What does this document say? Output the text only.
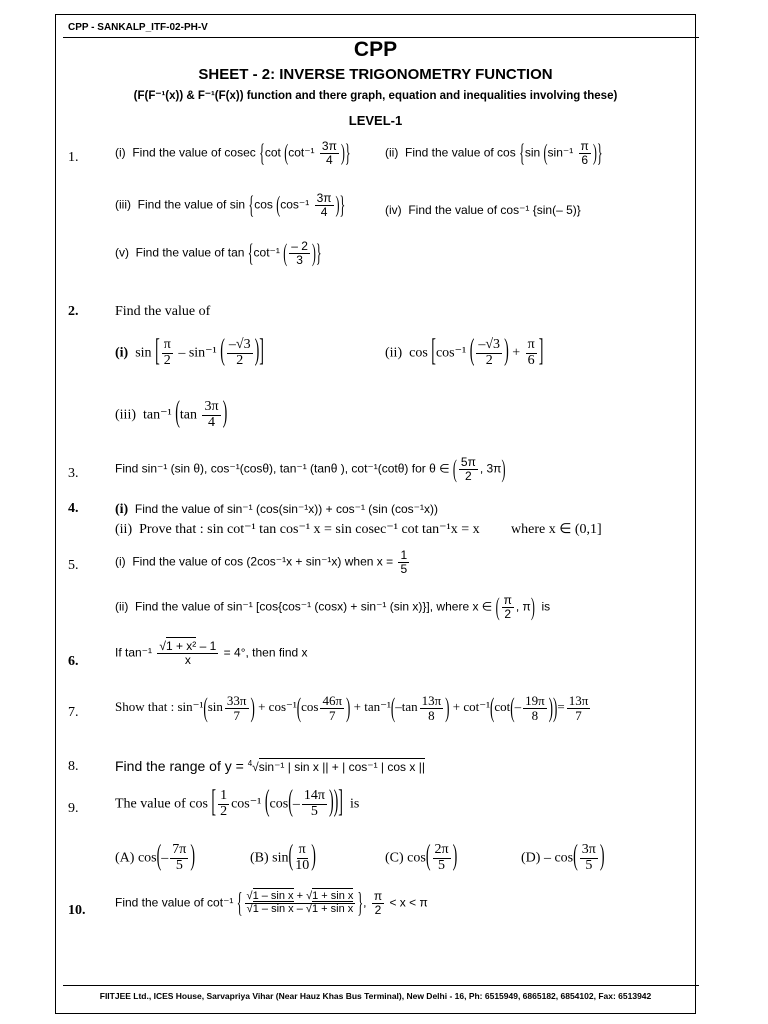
CPP - SANKALP_ITF-02-PH-V
CPP
SHEET - 2: INVERSE TRIGONOMETRY FUNCTION
(F(F⁻¹(x)) & F⁻¹(F(x)) function and there graph, equation and inequalities involving these)
LEVEL-1
1.	(i) Find the value of cosec {cot ($\cot^{-1} \frac{3\pi}{4}$ )}	(ii) Find the value of cos {sin ($\sin^{-1} \frac{\pi}{6}$ )}
(iii) Find the value of sin {cos ($\cos^{-1} \frac{3\pi}{4}$ )}	(iv) Find the value of cos⁻¹ {sin(– 5)}
(v) Find the value of tan {cot⁻¹ ( $\frac{- 2}{3}$ )}
2.	Find the value of
(i) sin [ $\frac{\pi}{2} - \sin^{-1}$ ( $\frac{-√3}{2}$ )]	(ii) cos [cos⁻¹ ( $\frac{-√3}{2}$ ) + $\frac{\pi}{6}$ ]
(iii) tan⁻¹ ($\tan \frac{3\pi}{4}$ )
3.	Find sin⁻¹ (sin θ), cos⁻¹(cosθ), tan⁻¹ (tanθ ), cot⁻¹(cotθ) for θ ∈ ( $\frac{5\pi}{2}$ , 3π)
4.	(i) Find the value of sin⁻¹ (cos(sin⁻¹x)) + cos⁻¹ (sin (cos⁻¹x))
(ii) Prove that : sin cot⁻¹ tan cos⁻¹ x = sin cosec⁻¹ cot tan⁻¹x = x where x ∈ (0,1]
5.	(i) Find the value of cos (2cos⁻¹x + sin⁻¹x) when $x = \frac{1}{5}$
(ii) Find the value of sin⁻¹ [cos{cos⁻¹ (cosx) + sin⁻¹ (sin x)}], where x ∈ ( $\frac{\pi}{2}$ , π) is
6.
If $\tan^{-1} \frac{\text{√1 + x² – 1}}{x} = 4^\circ$, then find x
7.	Show that : $\sin^{-1}(\sin \frac{33\pi}{7}$ ) + $\cos^{-1}(\cos \frac{46\pi}{7}$ ) + $\tan^{-1}(-\tan \frac{13\pi}{8}$ ) + $\cot^{-1}(\cot(- \frac{19\pi}{8}$ ))= $\frac{13\pi}{7}$
8.	Find the range of y = $^4$√sin⁻¹ | sin x || + | cos⁻¹ | cos x ||
9.	The value of cos [ $\frac{1}{2} \cos^{-1}$ ($\cos(- \frac{14\pi}{5}$ ))] is
(A) $\cos(- \frac{7\pi}{5}$ )	(B) $\sin( \frac{\pi}{10}$ )	(C) $\cos( \frac{2\pi}{5}$ )	$(D) - \cos( \frac{3\pi}{5}$ )
10.
Find the value of cot⁻¹ { $\frac{\text{√1 – sin x + √1 + sin x}}{\text{√1 – sin x – √1 + sin x}}$ }, $\frac{\pi}{2} < x < \pi$
FIITJEE Ltd., ICES House, Sarvapriya Vihar (Near Hauz Khas Bus Terminal), New Delhi - 16, Ph: 6515949, 6865182, 6854102, Fax: 6513942
